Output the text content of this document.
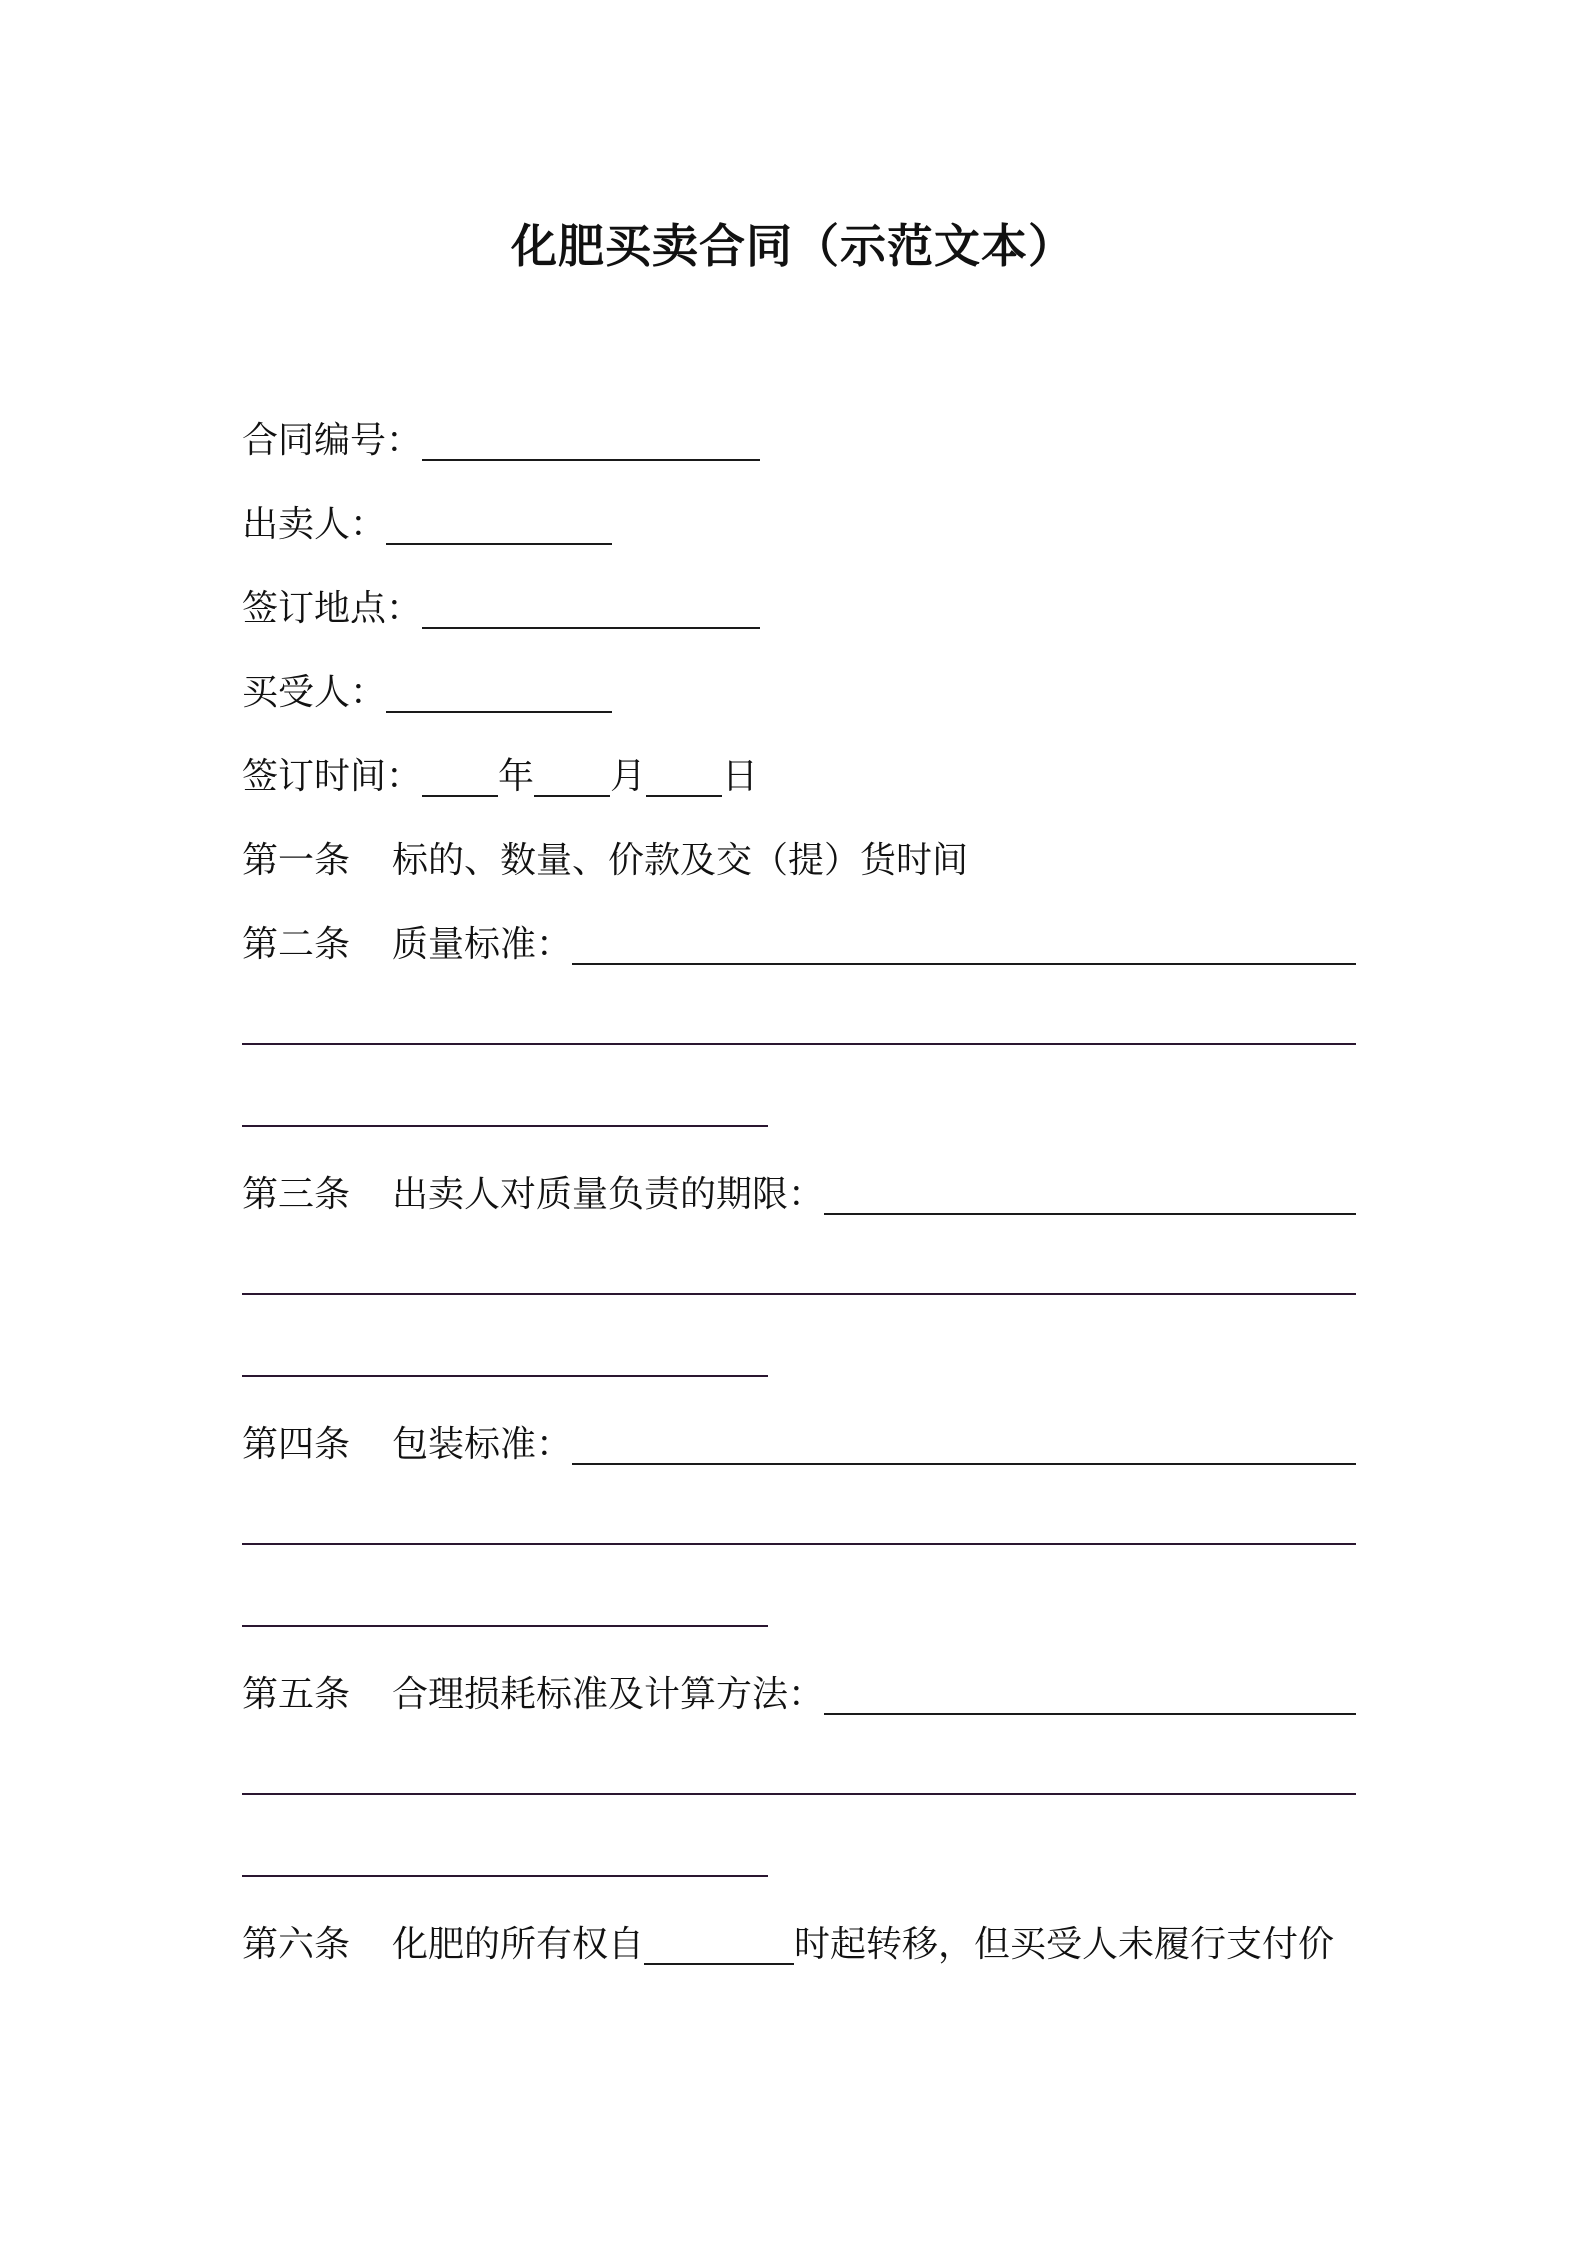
化肥买卖合同（示范文本）
合同编号：
出卖人：
签订地点：
买受人：
签订时间： 年 月 日
第一条	标的、数量、价款及交（提）货时间
第二条	质量标准：
第三条	出卖人对质量负责的期限：
第四条	包装标准：
第五条	合理损耗标准及计算方法：
第六条	化肥的所有权自	时起转移，但买受人未履行支付价
